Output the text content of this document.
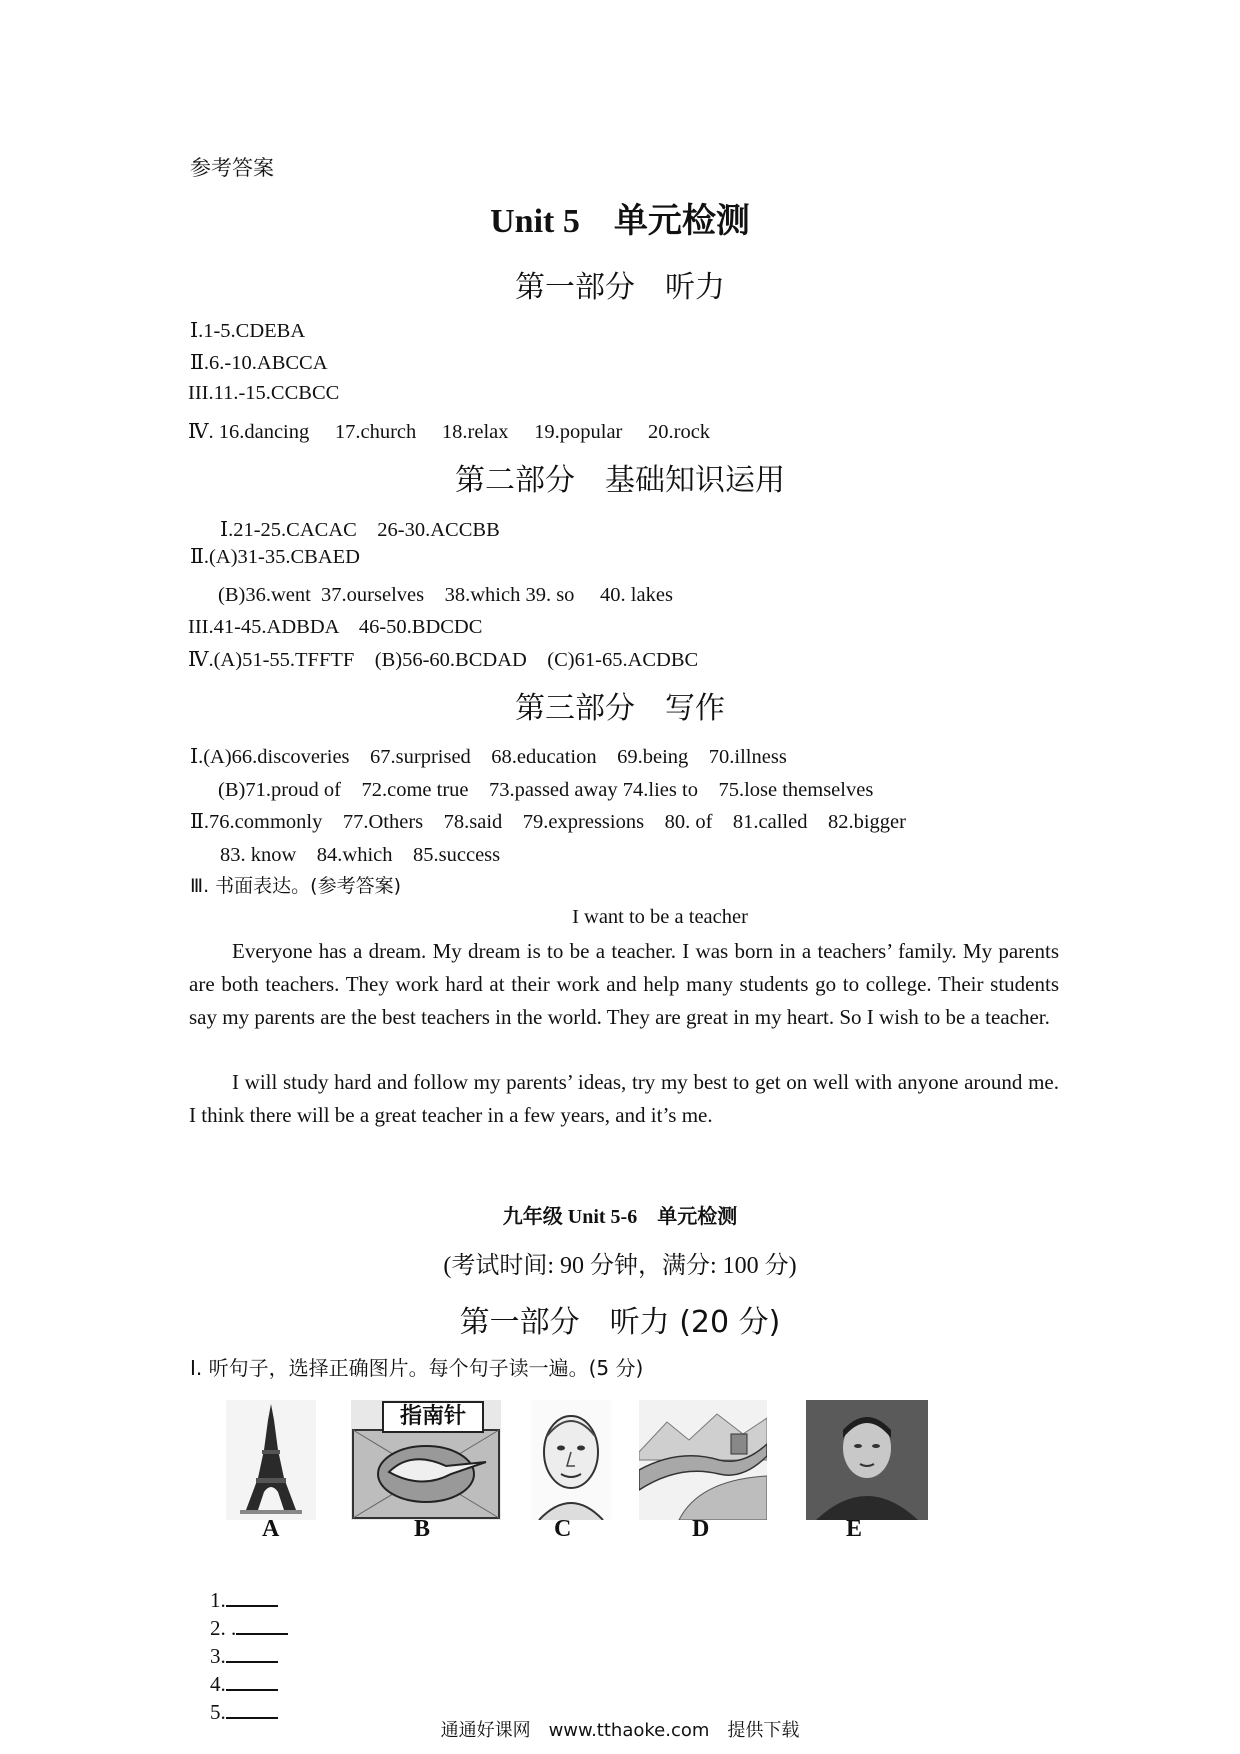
参考答案
Unit 5　单元检测
第一部分　听力
Ⅰ.1-5.CDEBA
Ⅱ.6.-10.ABCCA
III.11.-15.CCBCC
Ⅳ. 16.dancing　 17.church　 18.relax　 19.popular　 20.rock
第二部分　基础知识运用
Ⅰ.21-25.CACAC　26-30.ACCBB
Ⅱ.(A)31-35.CBAED
(B)36.went  37.ourselves　38.which 39. so　 40. lakes
III.41-45.ADBDA　46-50.BDCDC
Ⅳ.(A)51-55.TFFTF　(B)56-60.BCDAD　(C)61-65.ACDBC
第三部分　写作
Ⅰ.(A)66.discoveries　67.surprised　68.education　69.being　70.illness
(B)71.proud of　72.come true　73.passed away 74.lies to　75.lose themselves
Ⅱ.76.commonly　77.Others　78.said　79.expressions　80. of　81.called　82.bigger
83. know　84.which　85.success
Ⅲ. 书面表达。(参考答案)
I want to be a teacher
Everyone has a dream. My dream is to be a teacher. I was born in a teachers’ family. My parents are both teachers. They work hard at their work and help many students go to college. Their students say my parents are the best teachers in the world. They are great in my heart. So I wish to be a teacher.
I will study hard and follow my parents’ ideas, try my best to get on well with anyone around me. I think there will be a great teacher in a few years, and it’s me.
九年级 Unit 5-6　单元检测
(考试时间: 90 分钟，满分: 100 分)
第一部分　听力 (20 分)
Ⅰ. 听句子，选择正确图片。每个句子读一遍。(5 分)
A
指南针
B	C	D	E

1.
2. .
3.
4.
5.

通通好课网　www.tthaoke.com　提供下载
